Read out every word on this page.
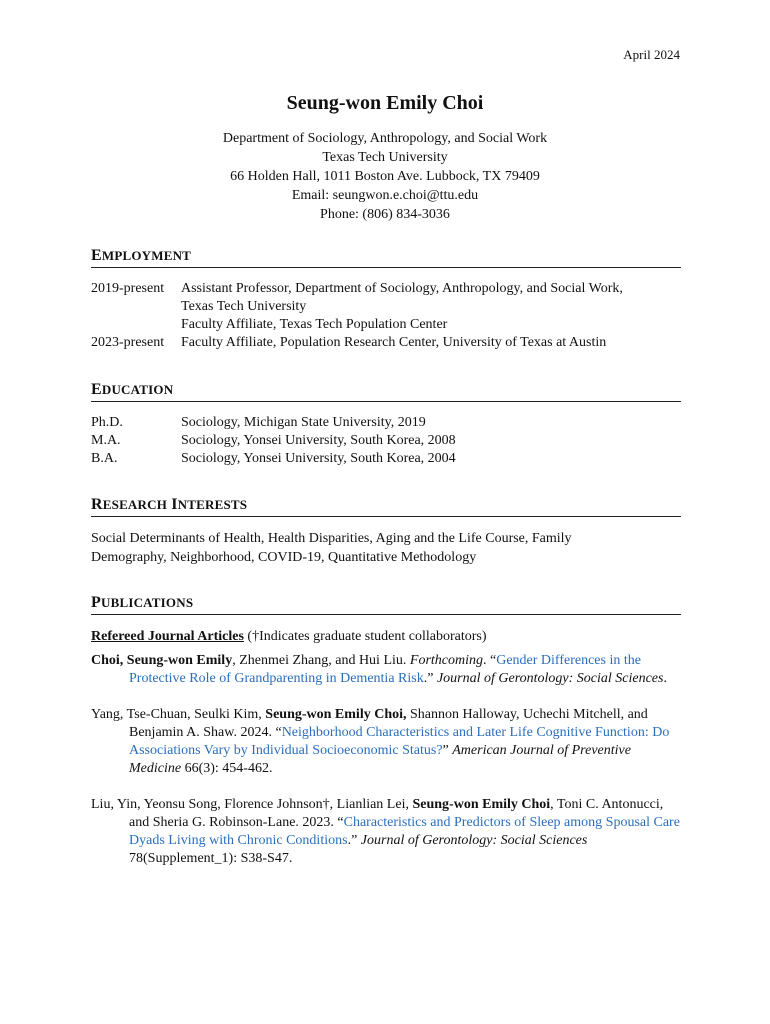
April 2024
Seung-won Emily Choi
Department of Sociology, Anthropology, and Social Work
Texas Tech University
66 Holden Hall, 1011 Boston Ave. Lubbock, TX 79409
Email: seungwon.e.choi@ttu.edu
Phone: (806) 834-3036
EMPLOYMENT
2019-present	Assistant Professor, Department of Sociology, Anthropology, and Social Work,
Texas Tech University
Faculty Affiliate, Texas Tech Population Center
2023-present	Faculty Affiliate, Population Research Center, University of Texas at Austin
EDUCATION
Ph.D.	Sociology, Michigan State University, 2019
M.A.	Sociology, Yonsei University, South Korea, 2008
B.A.	Sociology, Yonsei University, South Korea, 2004
RESEARCH INTERESTS
Social Determinants of Health, Health Disparities, Aging and the Life Course, Family
Demography, Neighborhood, COVID-19, Quantitative Methodology
PUBLICATIONS
Refereed Journal Articles (†Indicates graduate student collaborators)
Choi, Seung-won Emily, Zhenmei Zhang, and Hui Liu. Forthcoming. “Gender Differences in the Protective Role of Grandparenting in Dementia Risk.” Journal of Gerontology: Social Sciences.
Yang, Tse-Chuan, Seulki Kim, Seung-won Emily Choi, Shannon Halloway, Uchechi Mitchell, and Benjamin A. Shaw. 2024. “Neighborhood Characteristics and Later Life Cognitive Function: Do Associations Vary by Individual Socioeconomic Status?” American Journal of Preventive Medicine 66(3): 454-462.
Liu, Yin, Yeonsu Song, Florence Johnson†, Lianlian Lei, Seung-won Emily Choi, Toni C. Antonucci, and Sheria G. Robinson-Lane. 2023. “Characteristics and Predictors of Sleep among Spousal Care Dyads Living with Chronic Conditions.” Journal of Gerontology: Social Sciences 78(Supplement_1): S38-S47.
